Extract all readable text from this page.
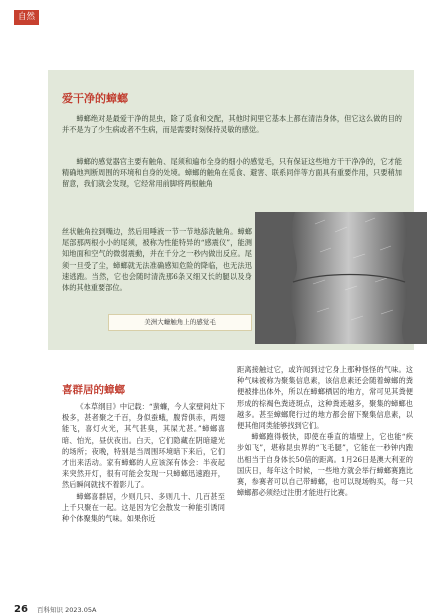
自然
爱干净的蟑螂

蟑螂绝对是最爱干净的昆虫，除了觅食和交配，其他时间里它基本上都在清洁身体，但它这么做的目的并不是为了少生病或者不生病，而是需要时刻保持灵敏的感觉。

蟑螂的感觉器官主要有触角、尾须和遍布全身的细小的感觉毛，只有保证这些地方干干净净的，它才能精确地判断周围的环境和自身的处境。蟑螂的触角在觅食、避害、联系同伴等方面具有重要作用，只要稍加留意，我们就会发现，它经常用前脚将两根触角

丝状触角拉到嘴边，然后用唾液一节一节地舔洗触角。蟑螂尾部那两根小小的尾须，被称为性能特异的“感震仪”，能测知地面和空气的微弱震動，并在千分之一秒内做出反应。尾须一旦受了尘，蟑螂就无法准确感知危险的降临，也无法迅速逃跑。当然，它也会随时清洗那6条又细又长的腿以及身体的其他重要部位。

美洲大蠊触角上的感觉毛
喜群居的蟑螂
《本草纲目》中记载：“蜚蠊，今人家壁间灶下极多，甚者聚之千百，身似蚕蛾，腹背俱赤，两翅能飞，喜灯火光，其气甚臭，其屎尤甚。”蟑螂喜暗、怕光，昼伏夜出。白天，它们隐藏在阴暗避光的场所；夜晚，特别是当周围环境暗下来后，它们才出来活动。家有蟑螂的人应该深有体会：半夜起来突然开灯，很有可能会发现一只蟑螂迅速跑开，然后瞬间就找不着影儿了。
蟑螂喜群居，少则几只、多则几十、几百甚至上千只聚在一起。这是因为它会散发一种能引诱同种个体聚集的气味。如果你近
距离接触过它，或许闻到过它身上那种怪怪的气味。这种气味被称为聚集信息素，该信息素还会随着蟑螂的粪便被排出体外，所以在蟑螂栖居的地方，常可见其粪便形成的棕褐色粪迹斑点，这种粪迹越多，聚集的蟑螂也越多。甚至蟑螂爬行过的地方都会留下聚集信息素，以便其他同类能够找到它们。
蟑螂跑得极快，即使在垂直的墙壁上，它也能“疾步如飞”，堪称昆虫界的“飞毛腿”，它能在一秒钟内跑出相当于自身体长50倍的距离。1月26日是澳大利亚的国庆日，每年这个时候，一些地方就会举行蟑螂赛跑比赛，参赛者可以自己带蟑螂，也可以现场购买，每一只蟑螂都必须经过注册才能进行比赛。
26 百科知识 2023.05A
